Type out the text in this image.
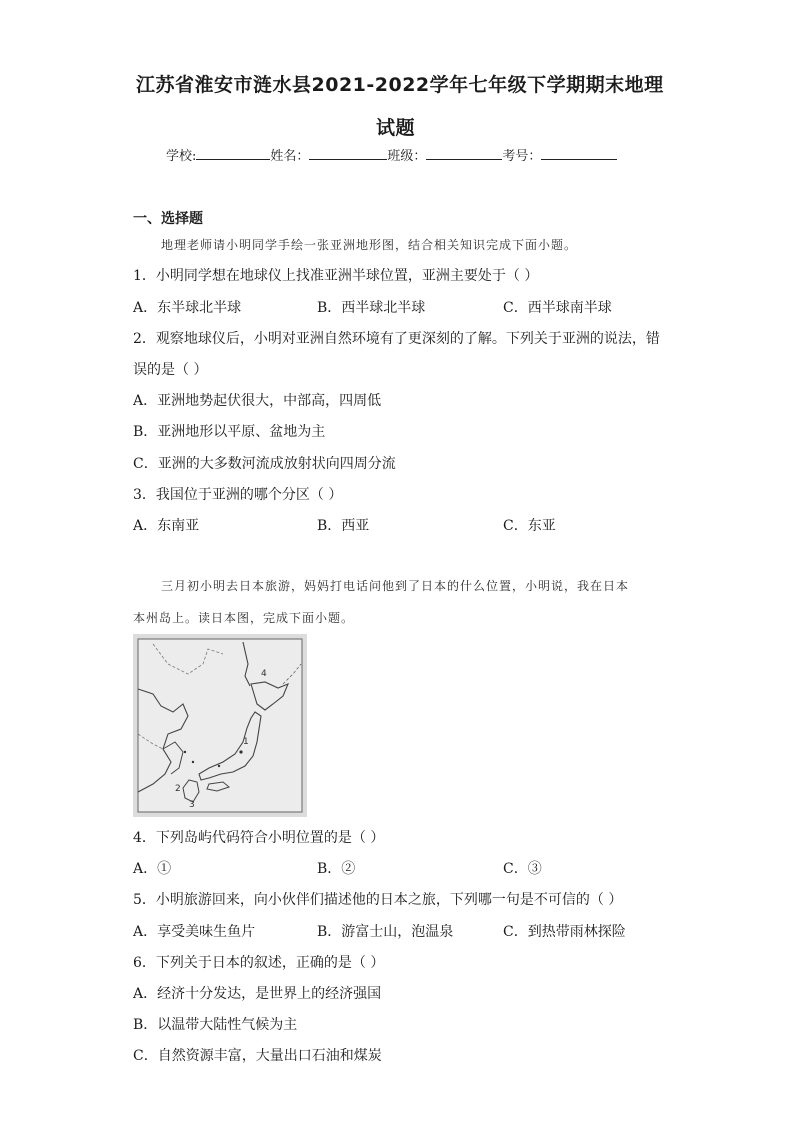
江苏省淮安市涟水县2021-2022学年七年级下学期期末地理
试题
学校:	姓名：	班级：	考号：
一、选择题
地理老师请小明同学手绘一张亚洲地形图，结合相关知识完成下面小题。
1．小明同学想在地球仪上找准亚洲半球位置，亚洲主要处于（ ）
A．东半球北半球	B．西半球北半球	C．西半球南半球
2．观察地球仪后，小明对亚洲自然环境有了更深刻的了解。下列关于亚洲的说法，错
误的是（ ）
A．亚洲地势起伏很大，中部高，四周低
B．亚洲地形以平原、盆地为主
C．亚洲的大多数河流成放射状向四周分流
3．我国位于亚洲的哪个分区（ ）
A．东南亚	B．西亚	C．东亚
三月初小明去日本旅游，妈妈打电话问他到了日本的什么位置，小明说，我在日本
本州岛上。读日本图，完成下面小题。
4
1
2
3
4．下列岛屿代码符合小明位置的是（ ）
A．①	B．②	C．③
5．小明旅游回来，向小伙伴们描述他的日本之旅，下列哪一句是不可信的（ ）
A．享受美味生鱼片	B．游富士山，泡温泉	C．到热带雨林探险
6．下列关于日本的叙述，正确的是（ ）
A．经济十分发达，是世界上的经济强国
B．以温带大陆性气候为主
C．自然资源丰富，大量出口石油和煤炭
